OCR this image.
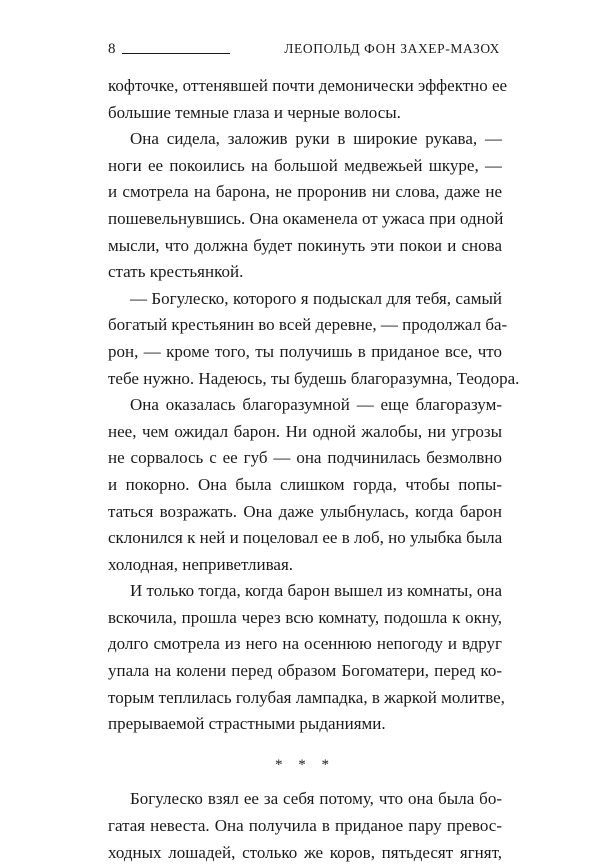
8	ЛЕОПОЛЬД ФОН ЗАХЕР-МАЗОХ
кофточке, оттенявшей почти демонически эффектно ее
большие темные глаза и черные волосы.
Она сидела, заложив руки в широкие рукава, —
ноги ее покоились на большой медвежьей шкуре, —
и смотрела на барона, не проронив ни слова, даже не
пошевельнувшись. Она окаменела от ужаса при одной
мысли, что должна будет покинуть эти покои и снова
стать крестьянкой.
— Богулеско, которого я подыскал для тебя, самый
богатый крестьянин во всей деревне, — продолжал ба-
рон, — кроме того, ты получишь в приданое все, что
тебе нужно. Надеюсь, ты будешь благоразумна, Теодора.
Она оказалась благоразумной — еще благоразум-
нее, чем ожидал барон. Ни одной жалобы, ни угрозы
не сорвалось с ее губ — она подчинилась безмолвно
и покорно. Она была слишком горда, чтобы попы-
таться возражать. Она даже улыбнулась, когда барон
склонился к ней и поцеловал ее в лоб, но улыбка была
холодная, неприветливая.
И только тогда, когда барон вышел из комнаты, она
вскочила, прошла через всю комнату, подошла к окну,
долго смотрела из него на осеннюю непогоду и вдруг
упала на колени перед образом Богоматери, перед ко-
торым теплилась голубая лампадка, в жаркой молитве,
прерываемой страстными рыданиями.
* * *
Богулеско взял ее за себя потому, что она была бо-
гатая невеста. Она получила в приданое пару превос-
ходных лошадей, столько же коров, пятьдесят ягнят,
